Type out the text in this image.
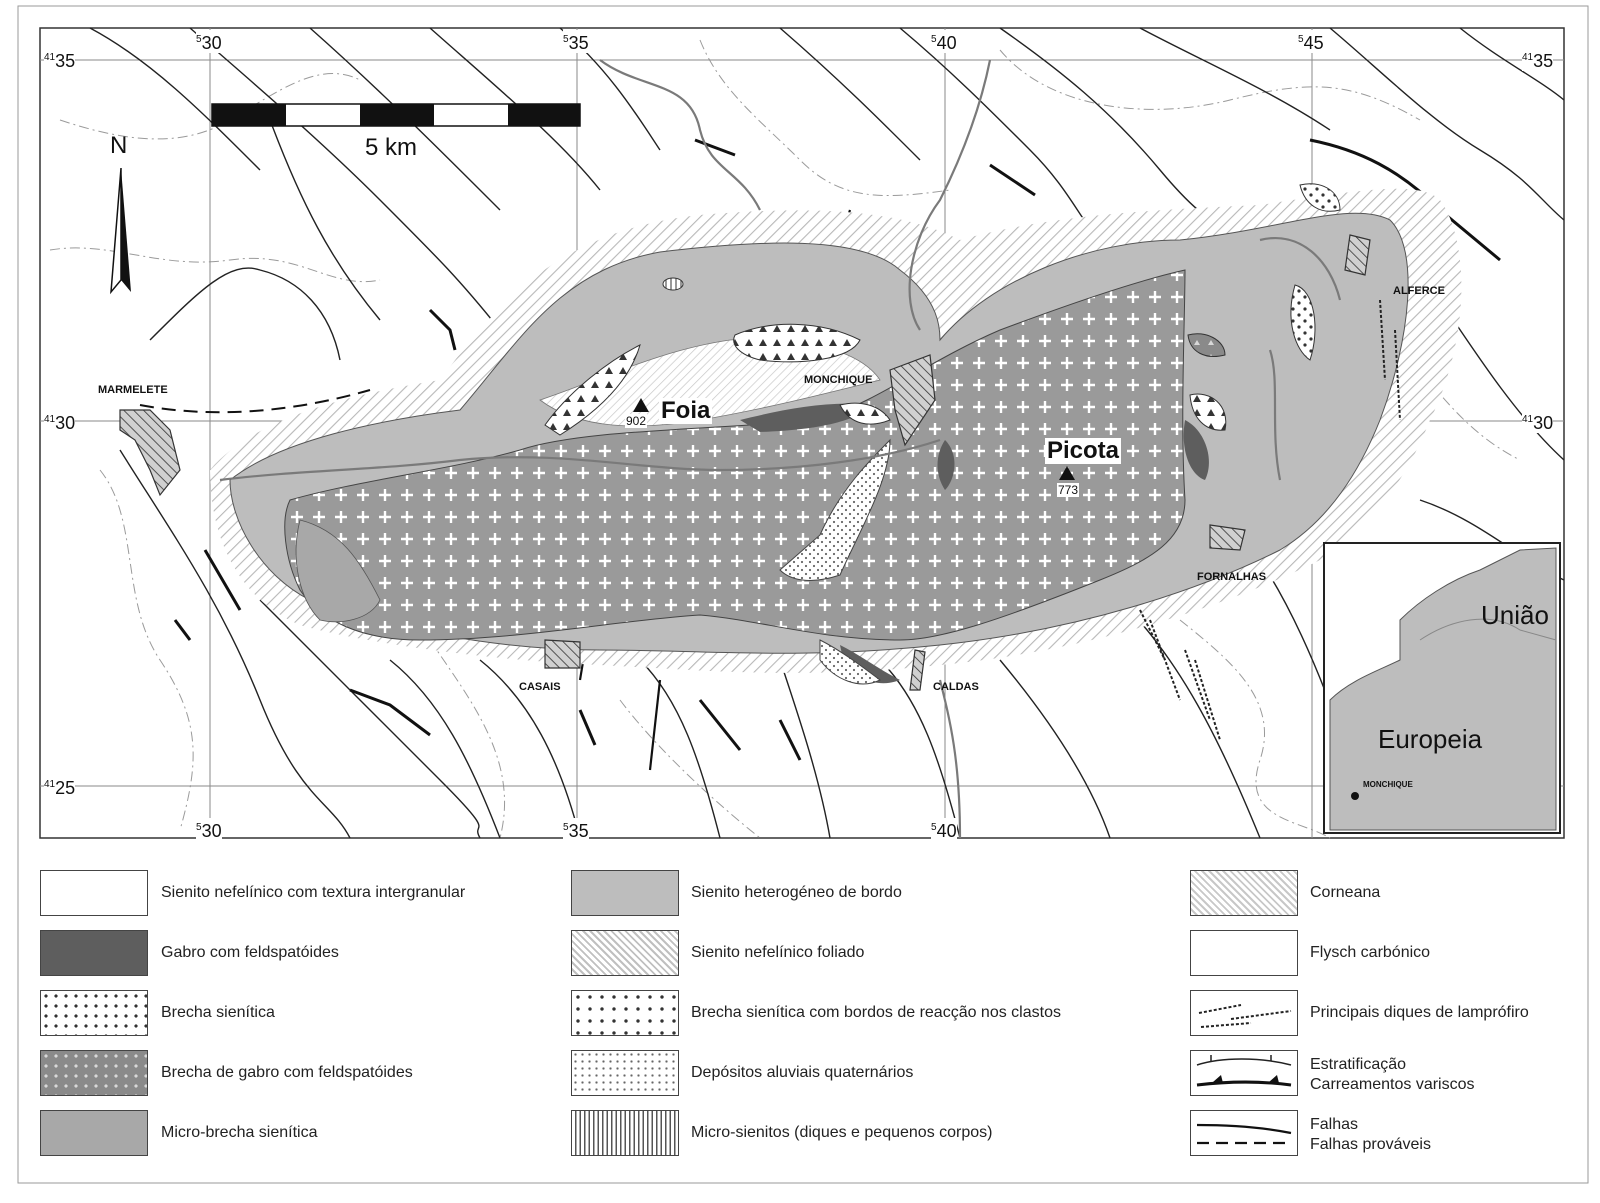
5 km
N
$^5$30	$^5$35	$^5$40	$^5$45
$^5$30	$^5$35	$^5$40
$^{41}$35
$^{41}$30
$^{41}$25
$^{41}$35
$^{41}$30
MARMELETE
MONCHIQUE
ALFERCE
FORNALHAS
CASAIS	CALDAS
Foia
902
Picota
773
União
Europeia
MONCHIQUE
Sienito nefelínico com textura intergranular
Gabro com feldspatóides
Brecha sienítica
Brecha de gabro com feldspatóides
Micro-brecha sienítica
Sienito heterogéneo de bordo
Sienito nefelínico foliado
Brecha sienítica com bordos de reacção nos clastos
Depósitos aluviais quaternários
Micro-sienitos (diques e pequenos corpos)
Corneana
Flysch carbónico
Principais diques de lamprófiro
Estratificação
Carreamentos variscos
Falhas
Falhas prováveis
